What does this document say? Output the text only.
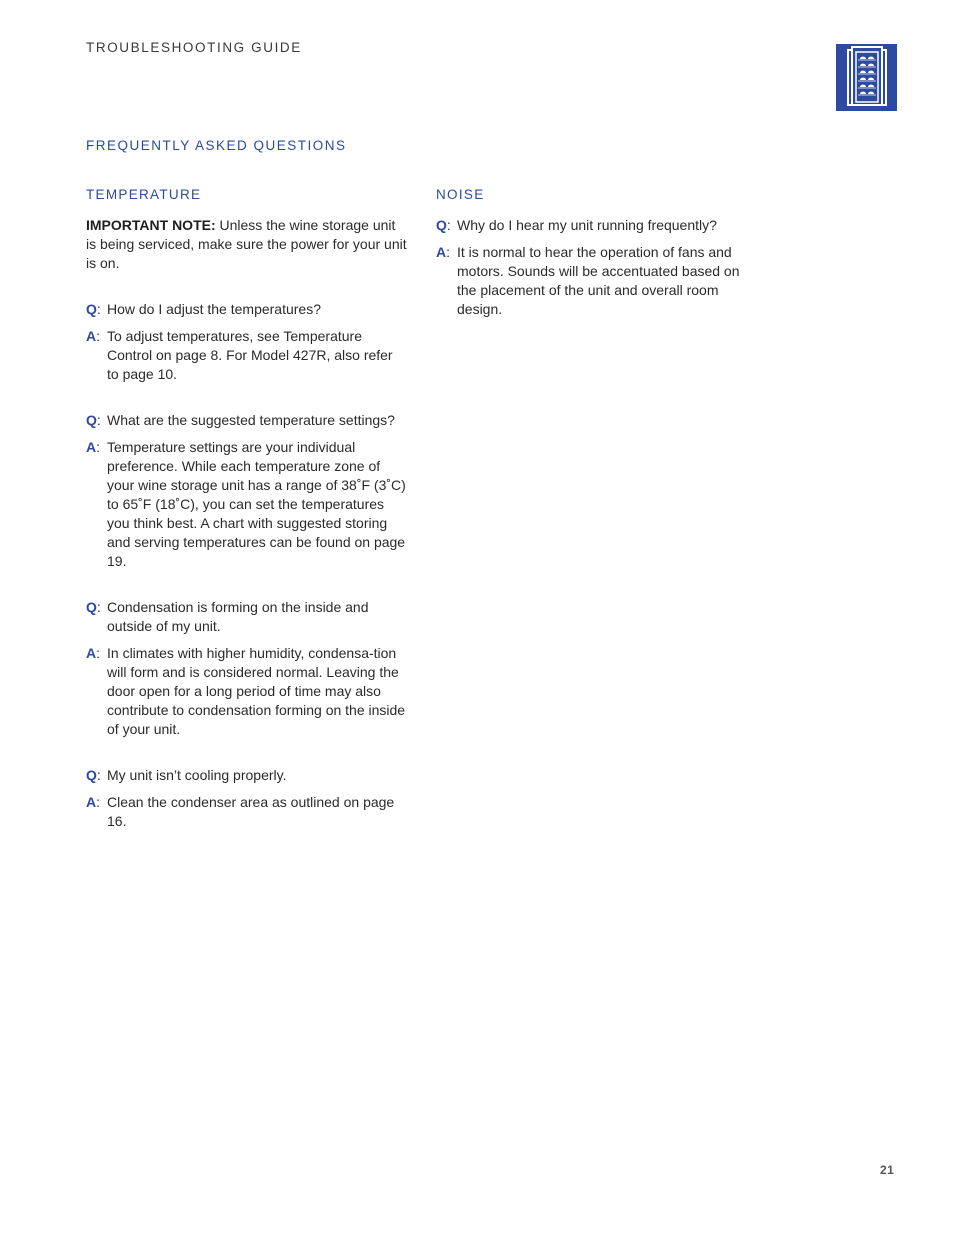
TROUBLESHOOTING GUIDE
FREQUENTLY ASKED QUESTIONS
TEMPERATURE
IMPORTANT NOTE: Unless the wine storage unit is being serviced, make sure the power for your unit is on.
Q: How do I adjust the temperatures?
A: To adjust temperatures, see Temperature Control on page 8. For Model 427R, also refer to page 10.
Q: What are the suggested temperature settings?
A: Temperature settings are your individual preference. While each temperature zone of your wine storage unit has a range of 38˚F (3˚C) to 65˚F (18˚C), you can set the temperatures you think best. A chart with suggested storing and serving temperatures can be found on page 19.
Q: Condensation is forming on the inside and outside of my unit.
A: In climates with higher humidity, condensa-tion will form and is considered normal. Leaving the door open for a long period of time may also contribute to condensation forming on the inside of your unit.
Q: My unit isn’t cooling properly.
A: Clean the condenser area as outlined on page 16.
NOISE
Q: Why do I hear my unit running frequently?
A: It is normal to hear the operation of fans and motors. Sounds will be accentuated based on the placement of the unit and overall room design.
21
